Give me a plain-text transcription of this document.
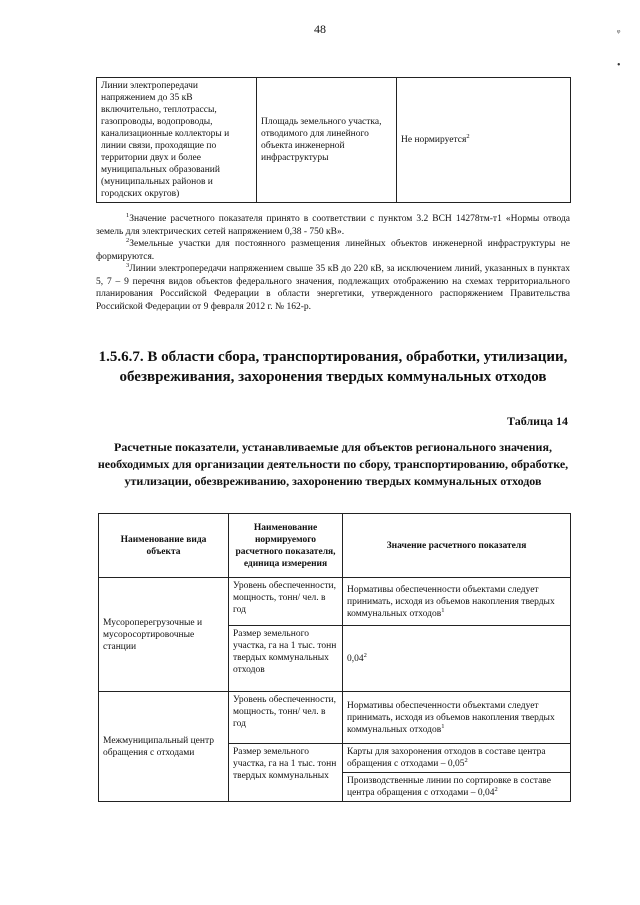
48	ᵩ
•
Линии электропередачи напряжением до 35 кВ включительно, теплотрассы, газопроводы, водопроводы, канализационные коллекторы и линии связи, проходящие по территории двух и более муниципальных образований (муниципальных районов и городских округов)	Площадь земельного участка, отводимого для линейного объекта инженерной инфраструктуры	Не нормируется$^2$

$^1$Значение расчетного показателя принято в соответствии с пунктом 3.2 ВСН 14278тм-т1 «Нормы отвода земель для электрических сетей напряжением 0,38 - 750 кВ».

$^2$Земельные участки для постоянного размещения линейных объектов инженерной инфраструктуры не формируются.

$^3$Линии электропередачи напряжением свыше 35 кВ до 220 кВ, за исключением линий, указанных в пунктах 5, 7 – 9 перечня видов объектов федерального значения, подлежащих отображению на схемах территориального планирования Российской Федерации в области энергетики, утвержденного распоряжением Правительства Российской Федерации от 9 февраля 2012 г. № 162-р.

1.5.6.7. В области сбора, транспортирования, обработки, утилизации, обезвреживания, захоронения твердых коммунальных отходов
Таблица 14
Расчетные показатели, устанавливаемые для объектов регионального значения, необходимых для организации деятельности по сбору, транспортированию, обработке, утилизации, обезвреживанию, захоронению твердых коммунальных отходов
Наименование вида объекта	Наименование нормируемого расчетного показателя, единица измерения	Значение расчетного показателя
Мусороперегрузочные и мусоросортировочные станции	Уровень обеспеченности, мощность, тонн/ чел. в год	Нормативы обеспеченности объектами следует принимать, исходя из объемов накопления твердых коммунальных отходов$^1$
	Размер земельного участка, га на 1 тыс. тонн твердых коммунальных отходов	0,04$^2$
Межмуниципальный центр обращения с отходами	Уровень обеспеченности, мощность, тонн/ чел. в год	Нормативы обеспеченности объектами следует принимать, исходя из объемов накопления твердых коммунальных отходов$^1$
	Размер земельного участка, га на 1 тыс. тонн твердых коммунальных	Карты для захоронения отходов в составе центра обращения с отходами – 0,05$^2$
		Производственные линии по сортировке в составе центра обращения с отходами – 0,04$^2$
